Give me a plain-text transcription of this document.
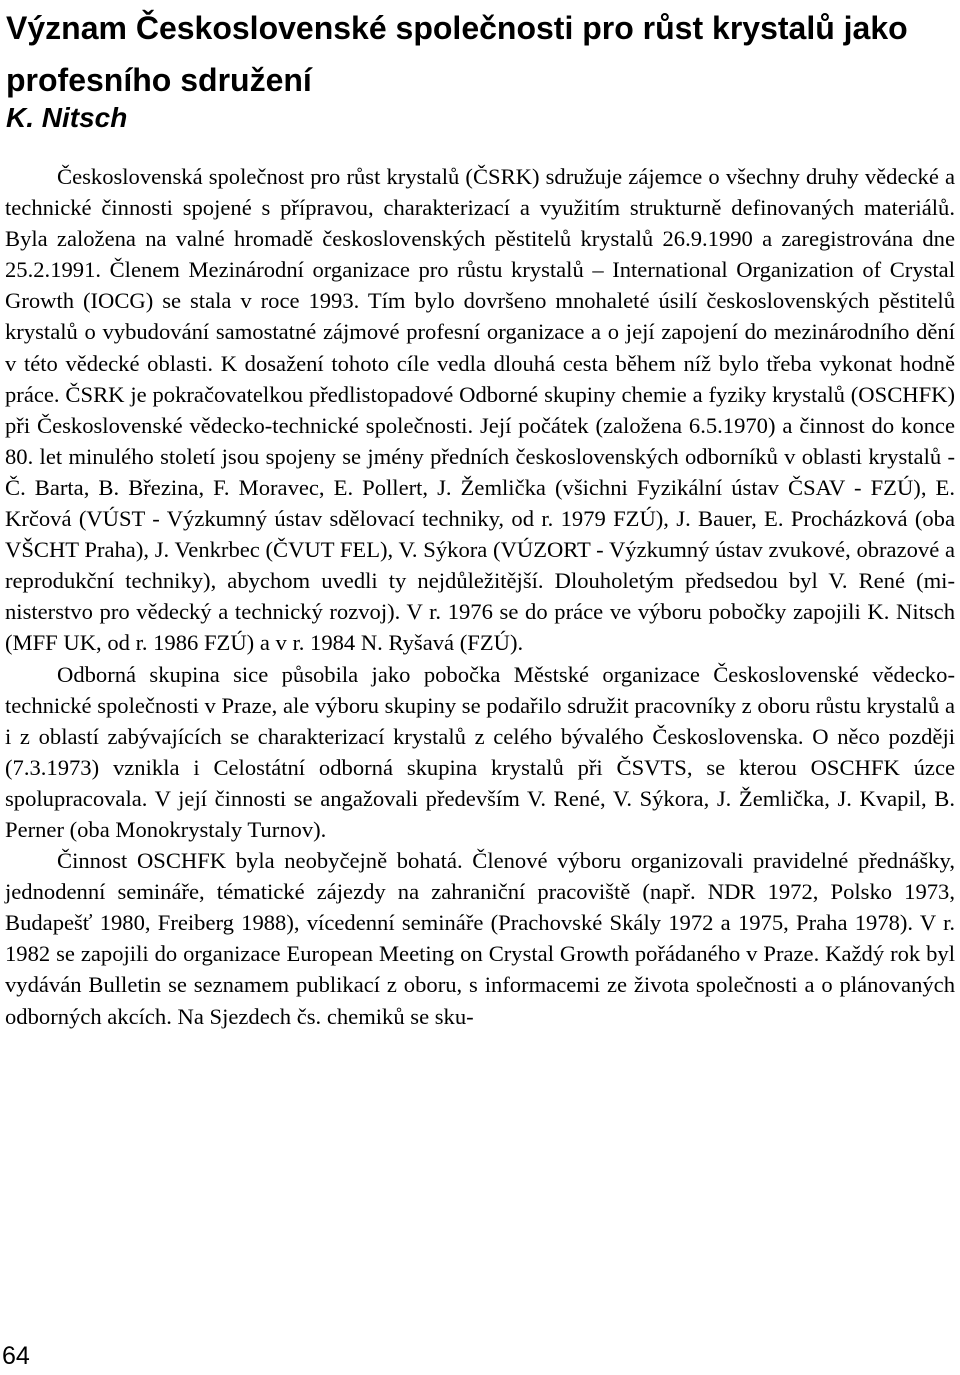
Význam Československé společnosti pro růst krystalů jako profesního sdružení
K. Nitsch

Československá společnost pro růst krystalů (ČSRK) sdružuje zájemce o všechny druhy vědecké a technické činnosti spojené s přípravou, charakterizací a využitím strukturně definovaných materiálů. Byla založena na valné hromadě československých pěstitelů krystalů 26.9.1990 a zaregistrována dne 25.2.1991. Členem Mezinárodní organizace pro růstu krystalů – International Organization of Crystal Growth (IOCG) se stala v roce 1993. Tím bylo dovršeno mnohaleté úsilí československých pěstitelů krystalů o vybudování samostatné zájmové profesní organizace a o její zapojení do mezinárodního dění v této vědecké oblasti. K dosažení tohoto cíle vedla dlouhá cesta během níž bylo třeba vykonat hodně práce. ČSRK je pokračovatelkou předlistopadové Odborné skupiny chemie a fyziky krystalů (OSCHFK) při Československé vědecko-technické společnosti. Její počátek (založena 6.5.1970) a činnost do konce 80. let minulého století jsou spojeny se jmény předních československých odborníků v oblasti krystalů - Č. Barta, B. Březina, F. Moravec, E. Pollert, J. Žemlička (všichni Fyzikální ústav ČSAV - FZÚ), E. Krčová (VÚST - Výzkumný ústav sdělovací techniky, od r. 1979 FZÚ), J. Bauer, E. Procházková (oba VŠCHT Praha), J. Venkrbec (ČVUT FEL), V. Sýkora (VÚZORT - Výzkumný ústav zvukové, obrazové a reprodukční techniky), abychom uvedli ty nejdůležitější. Dlouholetým předsedou byl V. René (ministerstvo pro vědecký a technický rozvoj). V r. 1976 se do práce ve výboru pobočky zapojili K. Nitsch (MFF UK, od r. 1986 FZÚ) a v r. 1984 N. Ryšavá (FZÚ).

Odborná skupina sice působila jako pobočka Městské organizace Československé vědecko-technické společnosti v Praze, ale výboru skupiny se podařilo sdružit pracovníky z oboru růstu krystalů a i z oblastí zabývajících se charakterizací krystalů z celého bývalého Československa. O něco později (7.3.1973) vznikla i Celostátní odborná skupina krystalů při ČSVTS, se kterou OSCHFK úzce spolupracovala. V její činnosti se angažovali především V. René, V. Sýkora, J. Žemlička, J. Kvapil, B. Perner (oba Monokrystaly Turnov).

Činnost OSCHFK byla neobyčejně bohatá. Členové výboru organizovali pravidelné přednášky, jednodenní semináře, tématické zájezdy na zahraniční pracoviště (např. NDR 1972, Polsko 1973, Budapešť 1980, Freiberg 1988), vícedenní semináře (Prachovské Skály 1972 a 1975, Praha 1978). V r. 1982 se zapojili do organizace European Meeting on Crystal Growth pořádaného v Praze. Každý rok byl vydáván Bulletin se seznamem publikací z oboru, s informacemi ze života společnosti a o plánovaných odborných akcích. Na Sjezdech čs. chemiků se sku-

64
